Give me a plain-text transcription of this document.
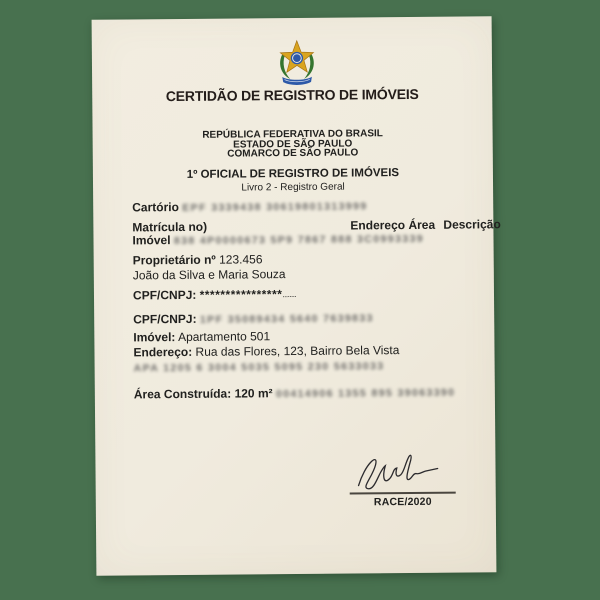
CERTIDÃO DE REGISTRO DE IMÓVEIS
REPÚBLICA FEDERATIVA DO BRASIL
ESTADO DE SÃO PAULO
COMARCO DE SÃO PAULO
1º OFICIAL DE REGISTRO DE IMÓVEIS
Livro 2 - Registro Geral
Cartório EPF 3339438 30619801313999
Matrícula no)	Endereço Área Descrição
Imóvel 838 4P0000673 5P9 7867 888 3C0993339
Proprietário nº 123.456
João da Silva e Maria Souza
CPF/CNPJ: ****************........
CPF/CNPJ: 1PF 35089434 5640 7639833
Imóvel: Apartamento 501
Endereço: Rua das Flores, 123, Bairro Bela Vista
APA 1205 6 3004 5035 5095 230 5633033
Área Construída: 120 m² 00414906 1355 895 39063390
RACE/2020
